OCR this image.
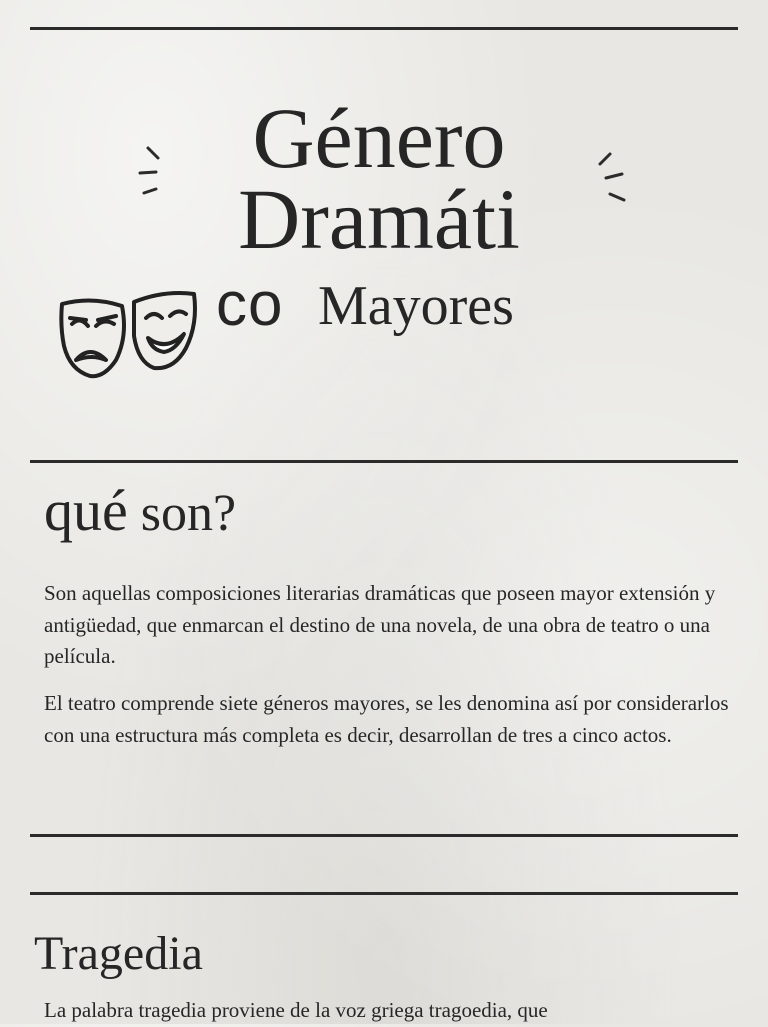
Género
Dramáti
co Mayores
qué son?

Son aquellas composiciones literarias dramáticas que poseen mayor extensión y antigüedad, que enmarcan el destino de una novela, de una obra de teatro o una película.

El teatro comprende siete géneros mayores, se les denomina así por considerarlos con una estructura más completa es decir, desarrollan de tres a cinco actos.

Tragedia

La palabra tragedia proviene de la voz griega tragoedia, que
